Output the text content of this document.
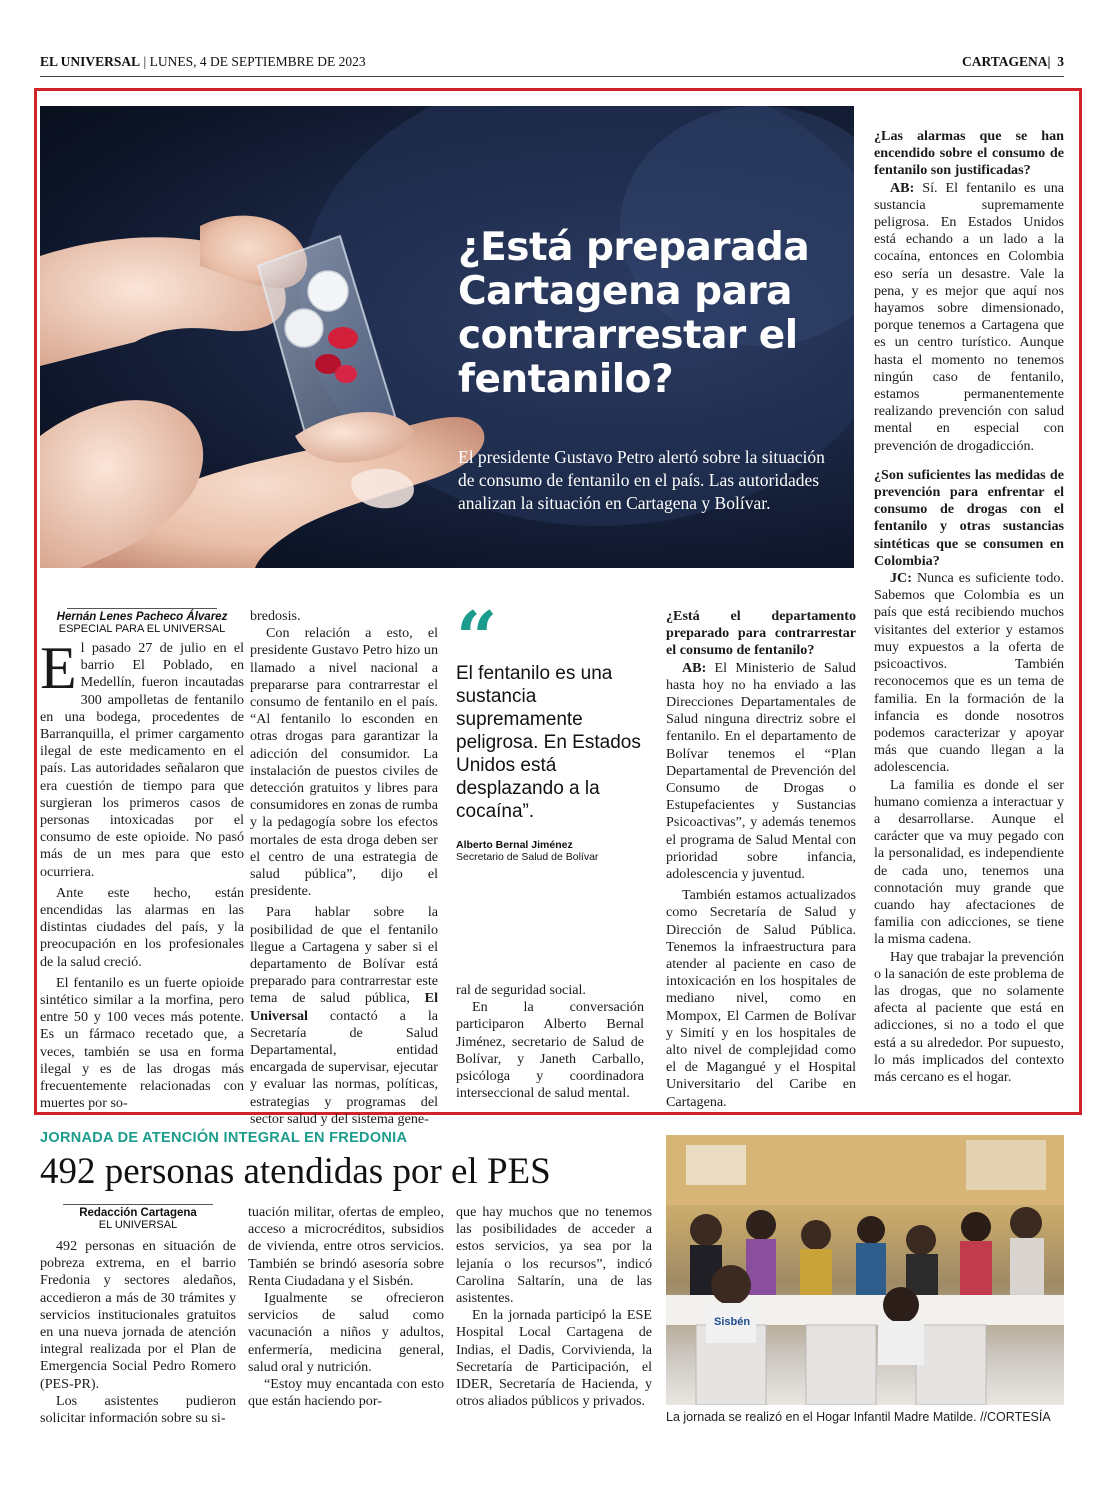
EL UNIVERSAL | LUNES, 4 DE SEPTIEMBRE DE 2023	CARTAGENA|  3
¿Está preparada Cartagena para contrarrestar el fentanilo?
El presidente Gustavo Petro alertó sobre la situación de consumo de fentanilo en el país. Las autoridades analizan la situación en Cartagena y Bolívar.
Hernán Lenes Pacheco Álvarez
ESPECIAL PARA EL UNIVERSAL

El pasado 27 de julio en el barrio El Poblado, en Medellín, fueron incautadas 300 ampolletas de fentanilo en una bodega, procedentes de Barranquilla, el primer cargamento ilegal de este medicamento en el país. Las autoridades señalaron que era cuestión de tiempo para que surgieran los primeros casos de personas intoxicadas por el consumo de este opioide. No pasó más de un mes para que esto ocurriera.

Ante este hecho, están encendidas las alarmas en las distintas ciudades del país, y la preocupación en los profesionales de la salud creció.

El fentanilo es un fuerte opioide sintético similar a la morfina, pero entre 50 y 100 veces más potente. Es un fármaco recetado que, a veces, también se usa en forma ilegal y es de las drogas más frecuentemente relacionadas con muertes por so-

bredosis.

Con relación a esto, el presidente Gustavo Petro hizo un llamado a nivel nacional a prepararse para contrarrestar el consumo de fentanilo en el país. “Al fentanilo lo esconden en otras drogas para garantizar la adicción del consumidor. La instalación de puestos civiles de detección gratuitos y libres para consumidores en zonas de rumba y la pedagogía sobre los efectos mortales de esta droga deben ser el centro de una estrategia de salud pública”, dijo el presidente.

Para hablar sobre la posibilidad de que el fentanilo llegue a Cartagena y saber si el departamento de Bolívar está preparado para contrarrestar este tema de salud pública, El Universal contactó a la Secretaría de Salud Departamental, entidad encargada de supervisar, ejecutar y evaluar las normas, políticas, estrategias y programas del sector salud y del sistema gene-

“
El fentanilo es una sustancia supremamente peligrosa. En Estados Unidos está desplazando a la cocaína”.
Alberto Bernal Jiménez
Secretario de Salud de Bolívar

ral de seguridad social.

En la conversación participaron Alberto Bernal Jiménez, secretario de Salud de Bolívar, y Janeth Carballo, psicóloga y coordinadora interseccional de salud mental.

¿Está el departamento preparado para contrarrestar el consumo de fentanilo?

AB: El Ministerio de Salud hasta hoy no ha enviado a las Direcciones Departamentales de Salud ninguna directriz sobre el fentanilo. En el departamento de Bolívar tenemos el “Plan Departamental de Prevención del Consumo de Drogas o Estupefacientes y Sustancias Psicoactivas”, y además tenemos el programa de Salud Mental con prioridad sobre infancia, adolescencia y juventud.

También estamos actualizados como Secretaría de Salud y Dirección de Salud Pública. Tenemos la infraestructura para atender al paciente en caso de intoxicación en los hospitales de mediano nivel, como en Mompox, El Carmen de Bolívar y Simití y en los hospitales de alto nivel de complejidad como el de Magangué y el Hospital Universitario del Caribe en Cartagena.

¿Las alarmas que se han encendido sobre el consumo de fentanilo son justificadas?

AB: Sí. El fentanilo es una sustancia supremamente peligrosa. En Estados Unidos está echando a un lado a la cocaína, entonces en Colombia eso sería un desastre. Vale la pena, y es mejor que aquí nos hayamos sobre dimensionado, porque tenemos a Cartagena que es un centro turístico. Aunque hasta el momento no tenemos ningún caso de fentanilo, estamos permanentemente realizando prevención con salud mental en especial con prevención de drogadicción.

¿Son suficientes las medidas de prevención para enfrentar el consumo de drogas con el fentanilo y otras sustancias sintéticas que se consumen en Colombia?

JC: Nunca es suficiente todo. Sabemos que Colombia es un país que está recibiendo muchos visitantes del exterior y estamos muy expuestos a la oferta de psicoactivos. También reconocemos que es un tema de familia. En la formación de la infancia es donde nosotros podemos caracterizar y apoyar más que cuando llegan a la adolescencia.

La familia es donde el ser humano comienza a interactuar y a desarrollarse. Aunque el carácter que va muy pegado con la personalidad, es independiente de cada uno, tenemos una connotación muy grande que cuando hay afectaciones de familia con adicciones, se tiene la misma cadena.

Hay que trabajar la prevención o la sanación de este problema de las drogas, que no solamente afecta al paciente que está en adicciones, si no a todo el que está a su alrededor. Por supuesto, lo más implicados del contexto más cercano es el hogar.

JORNADA DE ATENCIÓN INTEGRAL EN FREDONIA
492 personas atendidas por el PES
Redacción Cartagena
EL UNIVERSAL

492 personas en situación de pobreza extrema, en el barrio Fredonia y sectores aledaños, accedieron a más de 30 trámites y servicios institucionales gratuitos en una nueva jornada de atención integral realizada por el Plan de Emergencia Social Pedro Romero (PES-PR).

Los asistentes pudieron solicitar información sobre su si-

tuación militar, ofertas de empleo, acceso a microcréditos, subsidios de vivienda, entre otros servicios. También se brindó asesoría sobre Renta Ciudadana y el Sisbén.

Igualmente se ofrecieron servicios de salud como vacunación a niños y adultos, enfermería, medicina general, salud oral y nutrición.

“Estoy muy encantada con esto que están haciendo por-

que hay muchos que no tenemos las posibilidades de acceder a estos servicios, ya sea por la lejanía o los recursos”, indicó Carolina Saltarín, una de las asistentes.

En la jornada participó la ESE Hospital Local Cartagena de Indias, el Dadis, Corvivienda, la Secretaría de Participación, el IDER, Secretaría de Hacienda, y otros aliados públicos y privados.

Sisbén
La jornada se realizó en el Hogar Infantil Madre Matilde. //CORTESÍA
